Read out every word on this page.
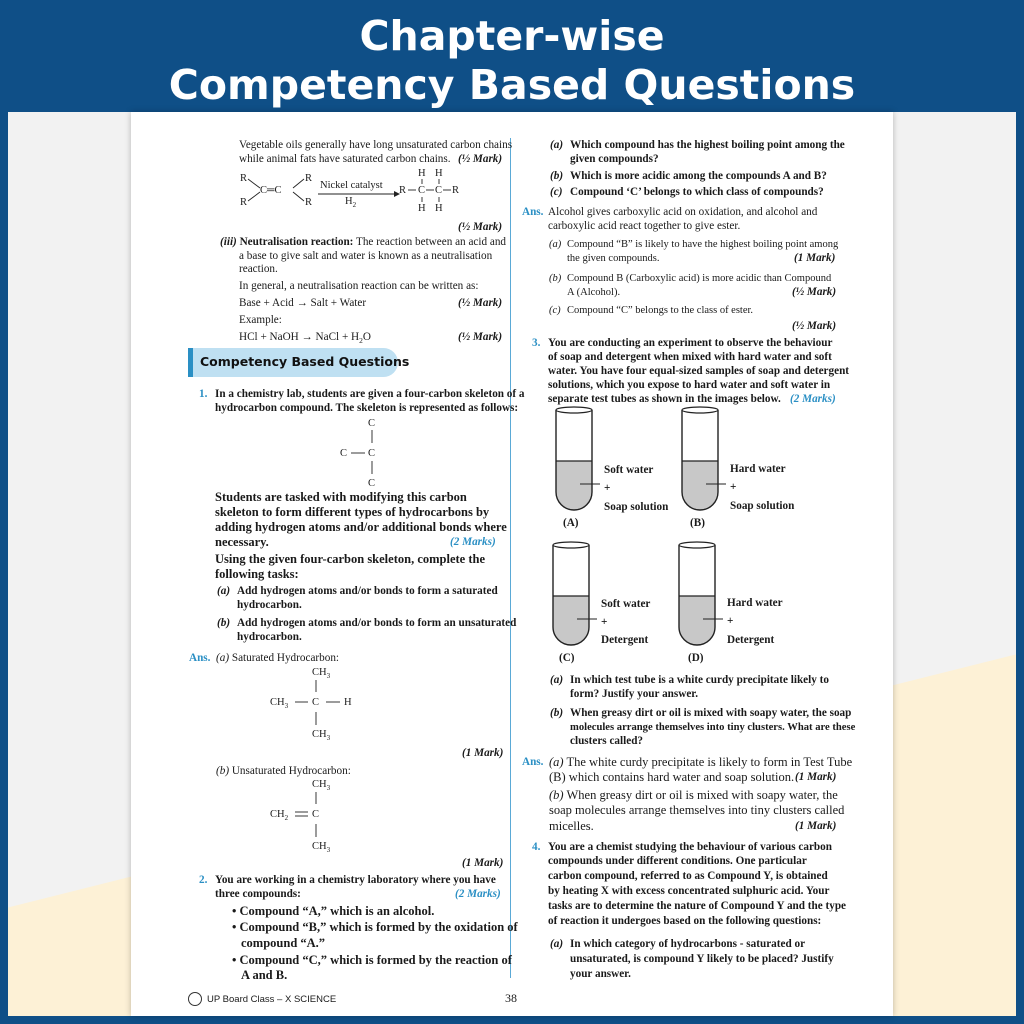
Chapter-wise
Competency Based Questions
Vegetable oils generally have long unsaturated carbon chains
while animal fats have saturated carbon chains. (½ Mark)
R
R
C═C
R
R
Nickel catalyst
$H_2$
R
H H
C C
H H
R
(½ Mark)
(iii) Neutralisation reaction: The reaction between an acid and
a base to give salt and water is known as a neutralisation
reaction.
In general, a neutralisation reaction can be written as:
Base + Acid → Salt + Water	(½ Mark)
Example:
HCl + NaOH → NaCl + $H_2O$	(½ Mark)
Competency Based Questions
1. In a chemistry lab, students are given a four-carbon skeleton of a
hydrocarbon compound. The skeleton is represented as follows:
C
C C
C
Students are tasked with modifying this carbon
skeleton to form different types of hydrocarbons by
adding hydrogen atoms and/or additional bonds where
necessary.	(2 Marks)
Using the given four-carbon skeleton, complete the
following tasks:
(a) Add hydrogen atoms and/or bonds to form a saturated
hydrocarbon.
(b) Add hydrogen atoms and/or bonds to form an unsaturated
hydrocarbon.
Ans. (a) Saturated Hydrocarbon:
$CH_3$
$CH_3$ C H
$CH_3$
(1 Mark)
(b) Unsaturated Hydrocarbon:
$CH_3$
$CH_2$ C
$CH_3$
(1 Mark)
2. You are working in a chemistry laboratory where you have
three compounds:	(2 Marks)
• Compound “A,” which is an alcohol.
• Compound “B,” which is formed by the oxidation of
compound “A.”
• Compound “C,” which is formed by the reaction of
A and B.
(a) Which compound has the highest boiling point among the
given compounds?
(b) Which is more acidic among the compounds A and B?
(c) Compound ‘C’ belongs to which class of compounds?
Ans. Alcohol gives carboxylic acid on oxidation, and alcohol and
carboxylic acid react together to give ester.
(a) Compound “B” is likely to have the highest boiling point among
the given compounds.	(1 Mark)
(b) Compound B (Carboxylic acid) is more acidic than Compound
A (Alcohol).	(½ Mark)
(c) Compound “C” belongs to the class of ester.
(½ Mark)
3. You are conducting an experiment to observe the behaviour
of soap and detergent when mixed with hard water and soft
water. You have four equal-sized samples of soap and detergent
solutions, which you expose to hard water and soft water in
separate test tubes as shown in the images below. (2 Marks)
Soft water
+
Soap solution
(A)
Hard water
+
Soap solution
(B)
Soft water
+
Detergent
(C)
Hard water
+
Detergent
(D)
(a) In which test tube is a white curdy precipitate likely to
form? Justify your answer.
(b) When greasy dirt or oil is mixed with soapy water, the soap
molecules arrange themselves into tiny clusters. What are these
clusters called?
Ans. (a) The white curdy precipitate is likely to form in Test Tube
(B) which contains hard water and soap solution. (1 Mark)
(b) When greasy dirt or oil is mixed with soapy water, the
soap molecules arrange themselves into tiny clusters called
micelles.	(1 Mark)
4. You are a chemist studying the behaviour of various carbon
compounds under different conditions. One particular
carbon compound, referred to as Compound Y, is obtained
by heating X with excess concentrated sulphuric acid. Your
tasks are to determine the nature of Compound Y and the type
of reaction it undergoes based on the following questions:
(a) In which category of hydrocarbons - saturated or
unsaturated, is compound Y likely to be placed? Justify
your answer.
UP Board Class – X SCIENCE	38
